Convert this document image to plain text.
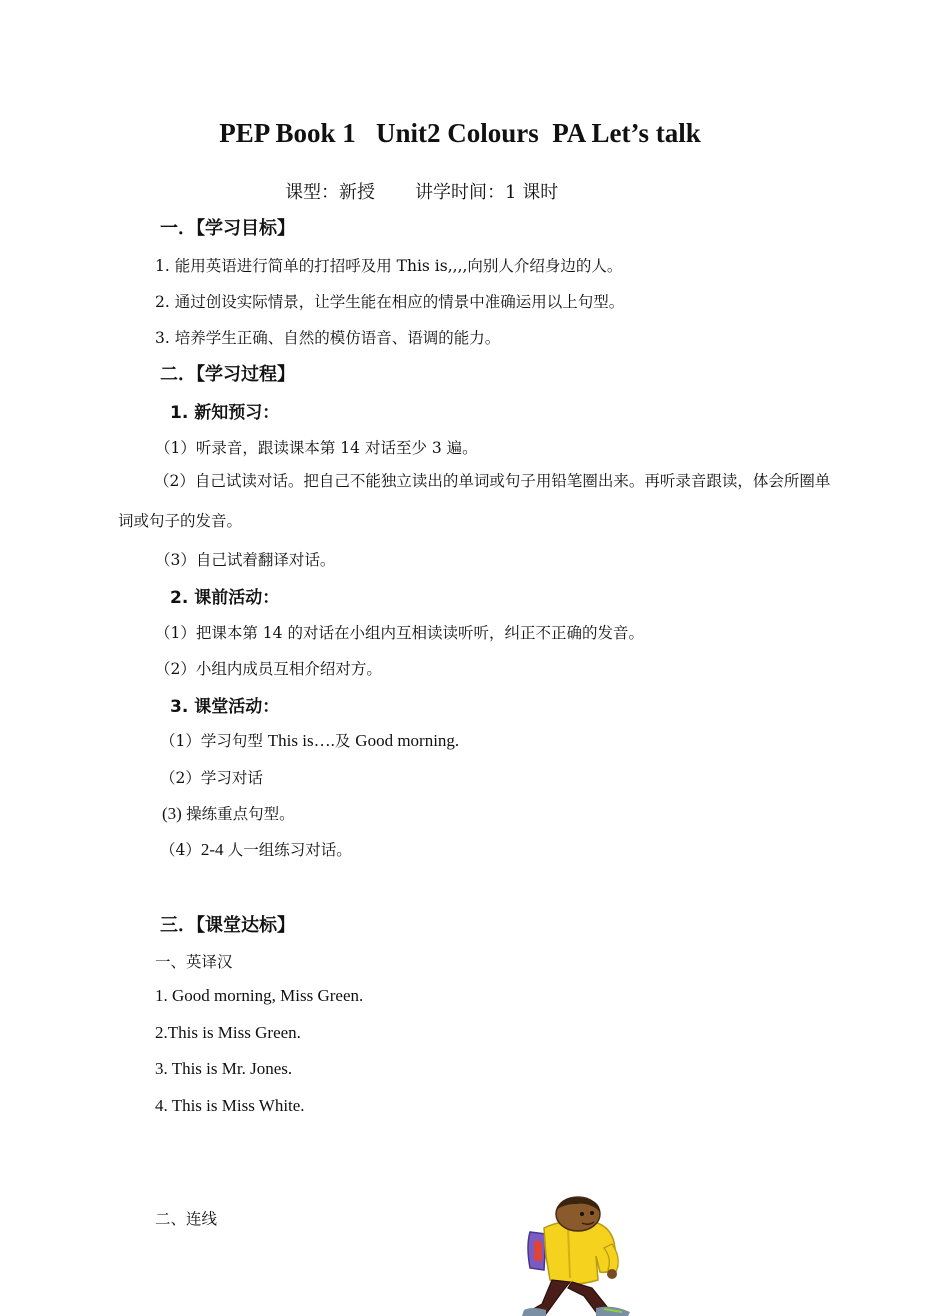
PEP Book 1   Unit2 Colours  PA Let’s talk
课型：新授       讲学时间：1 课时
一．【学习目标】
1. 能用英语进行简单的打招呼及用 This is,,,,向别人介绍身边的人。
2. 通过创设实际情景，让学生能在相应的情景中准确运用以上句型。
3. 培养学生正确、自然的模仿语音、语调的能力。
二．【学习过程】
1. 新知预习：
（1）听录音，跟读课本第 14 对话至少 3 遍。
（2）自己试读对话。把自己不能独立读出的单词或句子用铅笔圈出来。再听录音跟读，体会所圈单词或句子的发音。
（3）自己试着翻译对话。
2. 课前活动：
（1）把课本第 14 的对话在小组内互相读读听听，纠正不正确的发音。
（2）小组内成员互相介绍对方。
3. 课堂活动：
（1）学习句型 This is….及 Good morning.
（2）学习对话
(3) 操练重点句型。
（4）2-4 人一组练习对话。
三．【课堂达标】
一、英译汉
1. Good morning, Miss Green.
2.This is Miss Green.
3. This is Mr. Jones.
4. This is Miss White.
二、连线
